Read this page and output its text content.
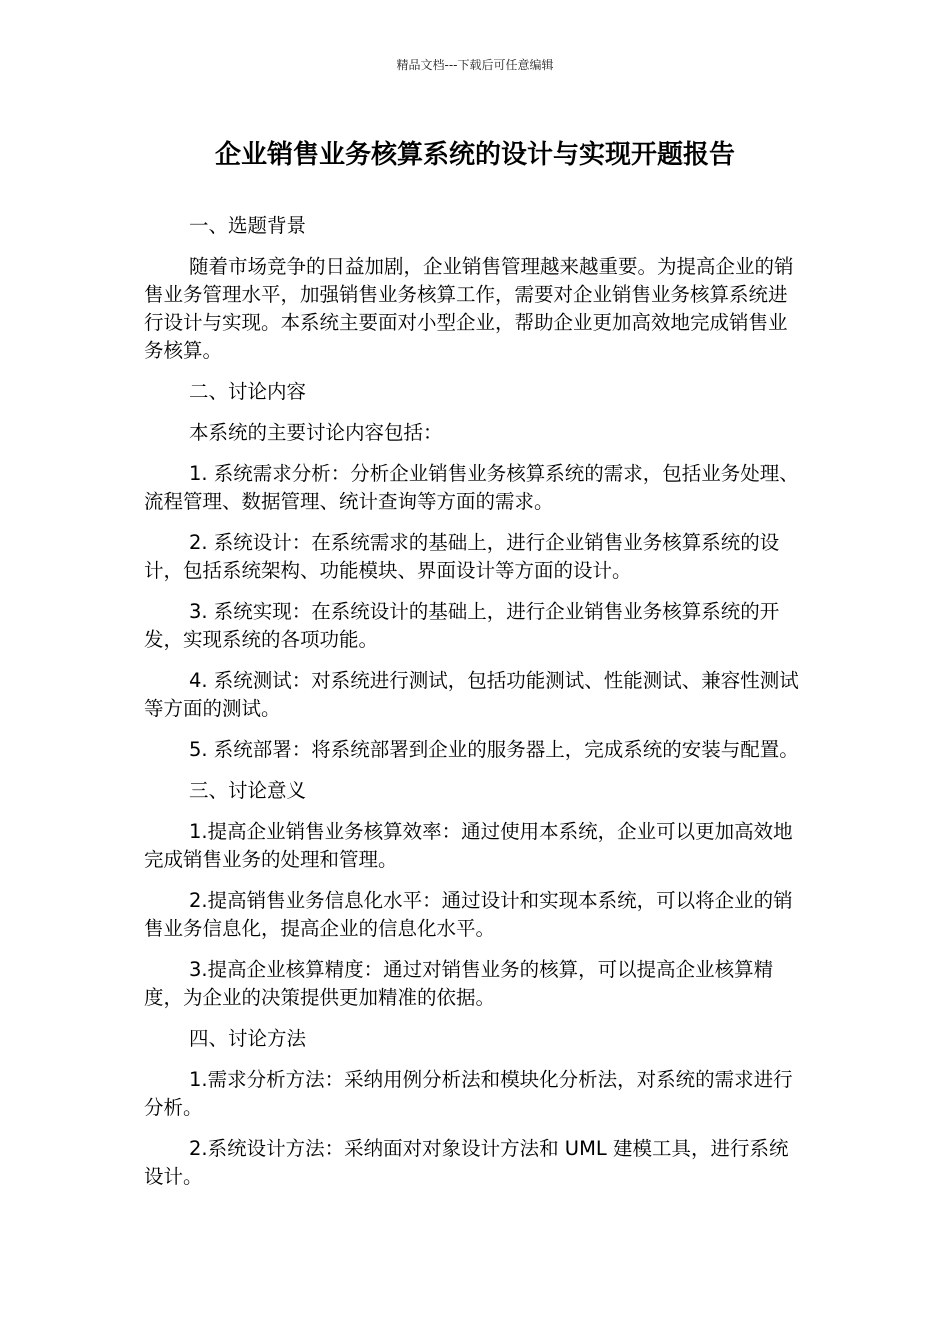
精品文档---下载后可任意编辑
企业销售业务核算系统的设计与实现开题报告

一、选题背景

随着市场竞争的日益加剧，企业销售管理越来越重要。为提高企业的销售业务管理水平，加强销售业务核算工作，需要对企业销售业务核算系统进行设计与实现。本系统主要面对小型企业，帮助企业更加高效地完成销售业务核算。

二、讨论内容

本系统的主要讨论内容包括：

1. 系统需求分析：分析企业销售业务核算系统的需求，包括业务处理、流程管理、数据管理、统计查询等方面的需求。

2. 系统设计：在系统需求的基础上，进行企业销售业务核算系统的设计，包括系统架构、功能模块、界面设计等方面的设计。

3. 系统实现：在系统设计的基础上，进行企业销售业务核算系统的开发，实现系统的各项功能。

4. 系统测试：对系统进行测试，包括功能测试、性能测试、兼容性测试等方面的测试。

5. 系统部署：将系统部署到企业的服务器上，完成系统的安装与配置。

三、讨论意义

1.提高企业销售业务核算效率：通过使用本系统，企业可以更加高效地完成销售业务的处理和管理。

2.提高销售业务信息化水平：通过设计和实现本系统，可以将企业的销售业务信息化，提高企业的信息化水平。

3.提高企业核算精度：通过对销售业务的核算，可以提高企业核算精度，为企业的决策提供更加精准的依据。

四、讨论方法

1.需求分析方法：采纳用例分析法和模块化分析法，对系统的需求进行分析。

2.系统设计方法：采纳面对对象设计方法和 UML 建模工具，进行系统设计。
